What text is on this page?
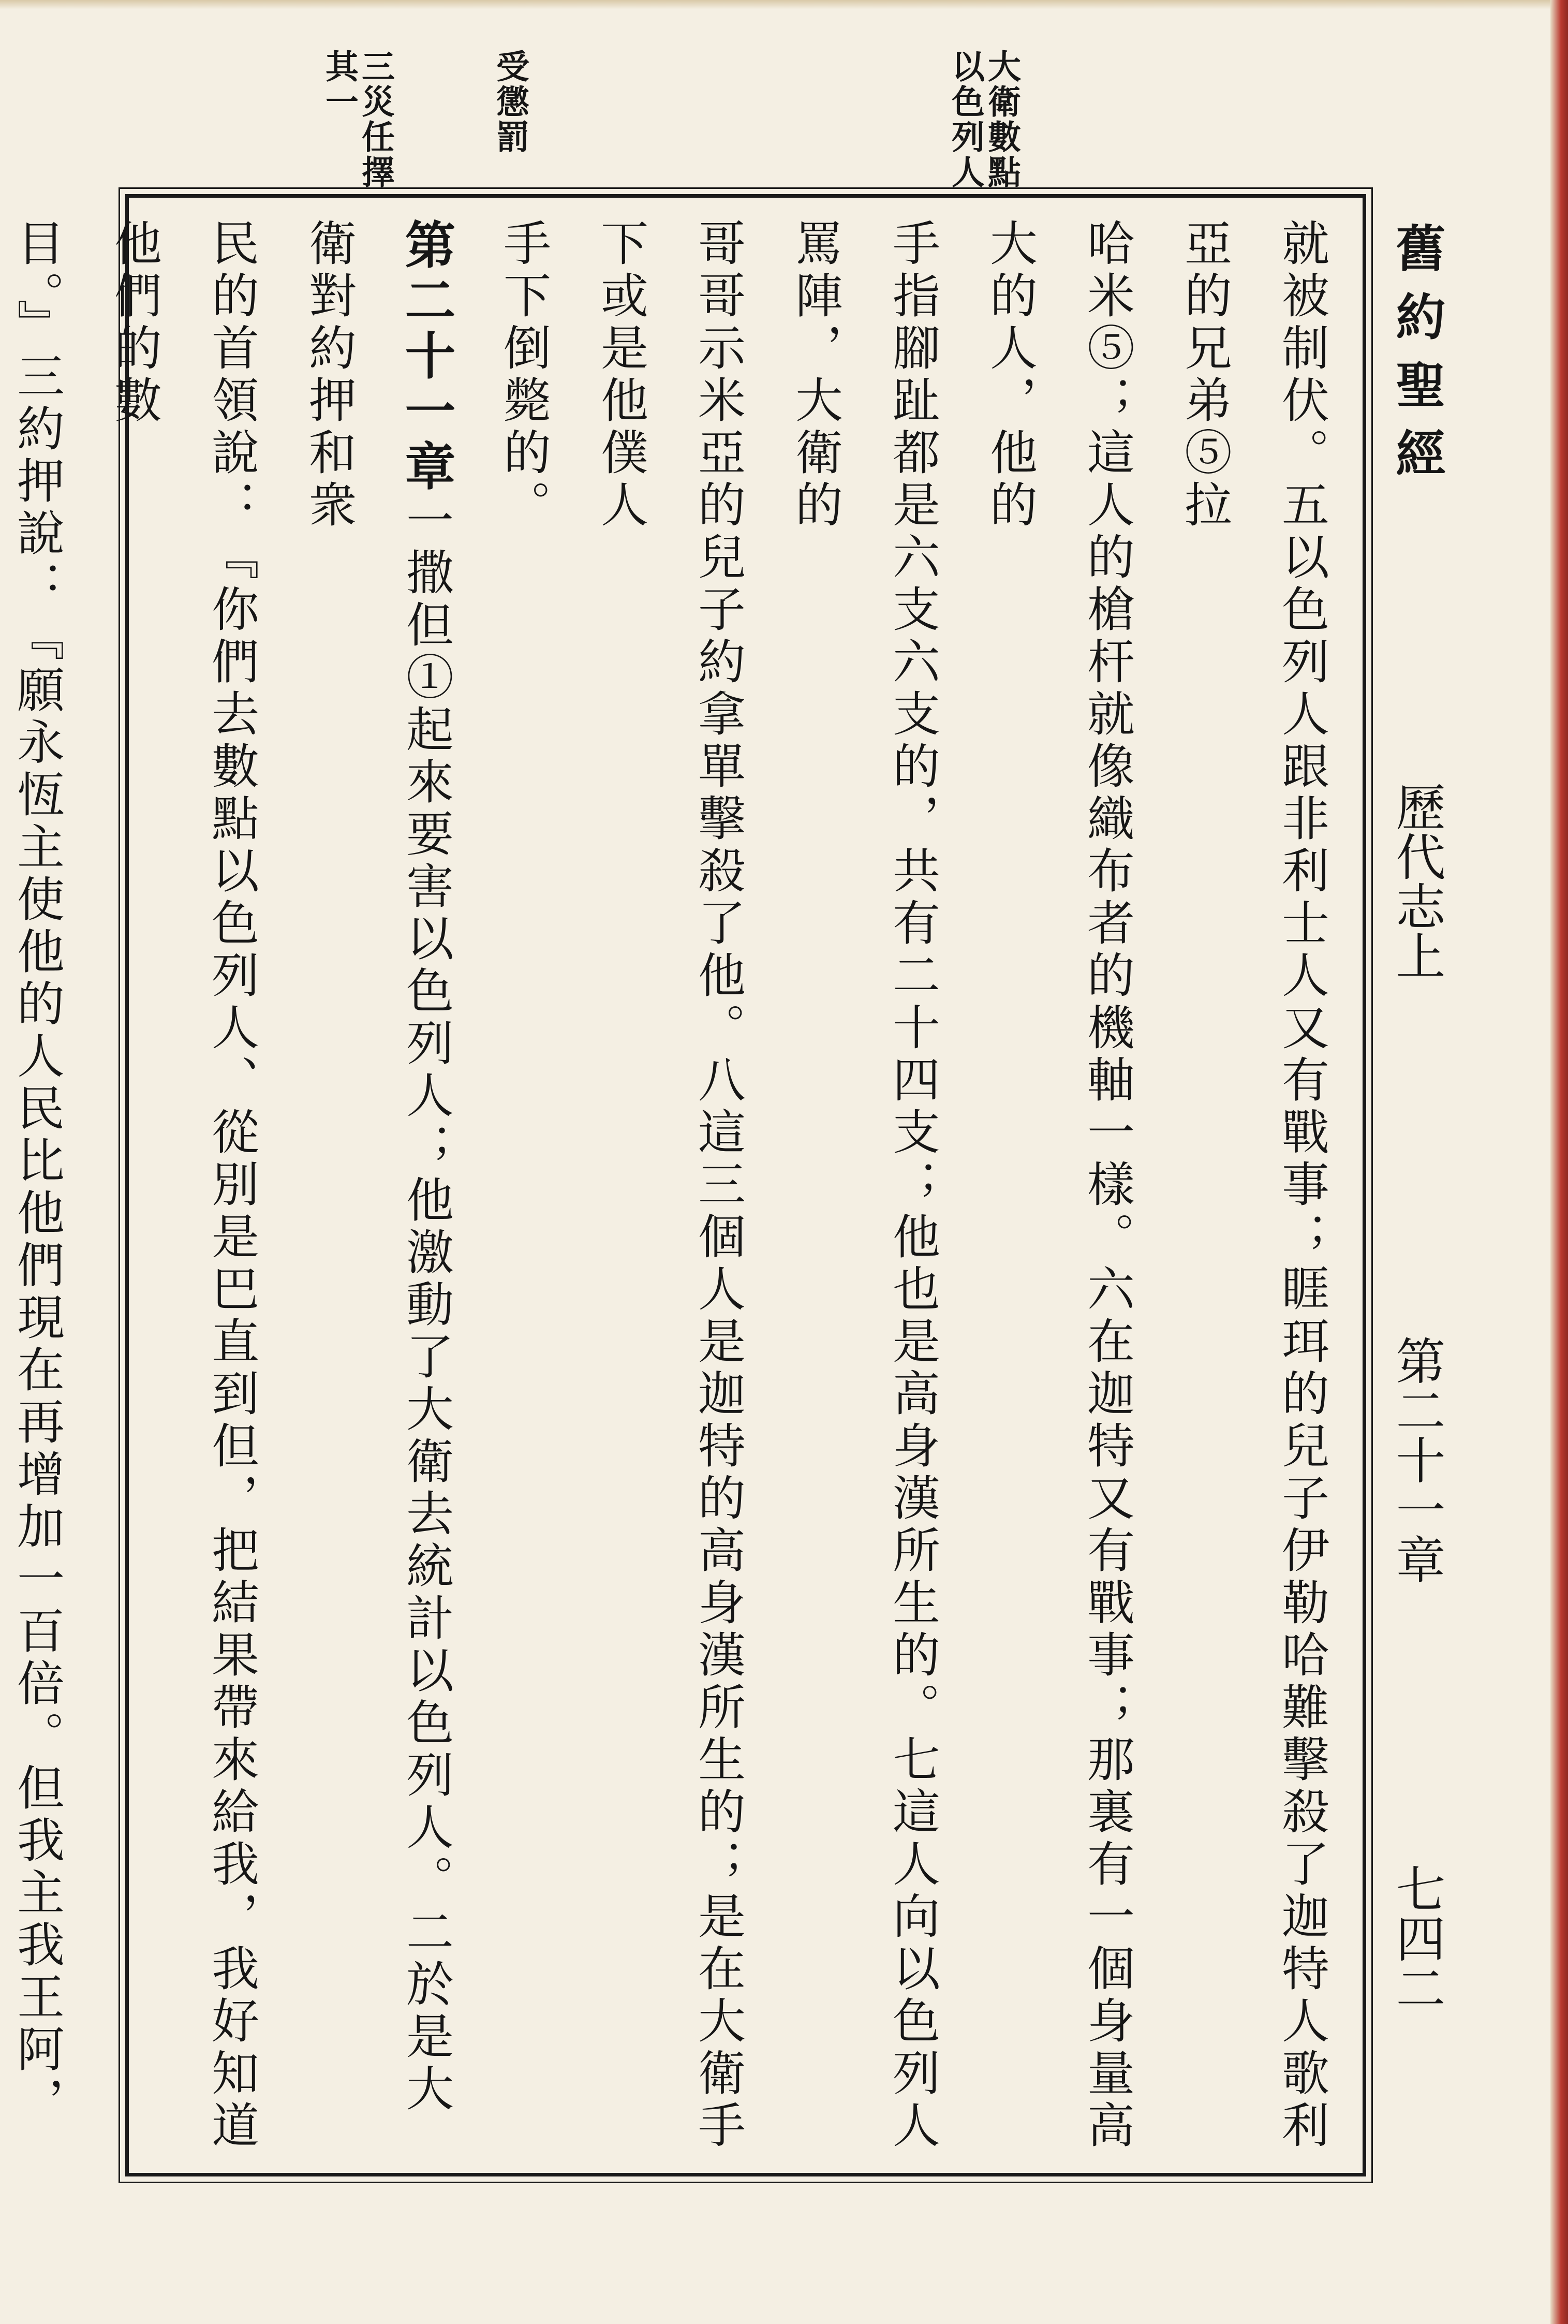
舊約聖經
歷代志上
第二十一章
七四二
大衛數點以色列人
受懲罰
三災任擇其一
就被制伏。五以色列人跟非利士人又有戰事；睚珥的兒子伊勒哈難擊殺了迦特人歌利亞的兄弟⑤拉
哈米⑤；這人的槍杆就像織布者的機軸一樣。六在迦特又有戰事；那裏有一個身量高大的人，他的
手指腳趾都是六支六支的，共有二十四支；他也是高身漢所生的。七這人向以色列人罵陣，大衛的
哥哥示米亞的兒子約拿單擊殺了他。八這三個人是迦特的高身漢所生的；是在大衛手下或是他僕人
手下倒斃的。
第二十一章一撒但①起來要害以色列人；他激動了大衛去統計以色列人。二於是大衛對約押和衆
民的首領說：『你們去數點以色列人、從別是巴直到但，把結果帶來給我，我好知道他們的數
目。』三約押說：『願永恆主使他的人民比他們現在再增加一百倍。但我主我王阿，
